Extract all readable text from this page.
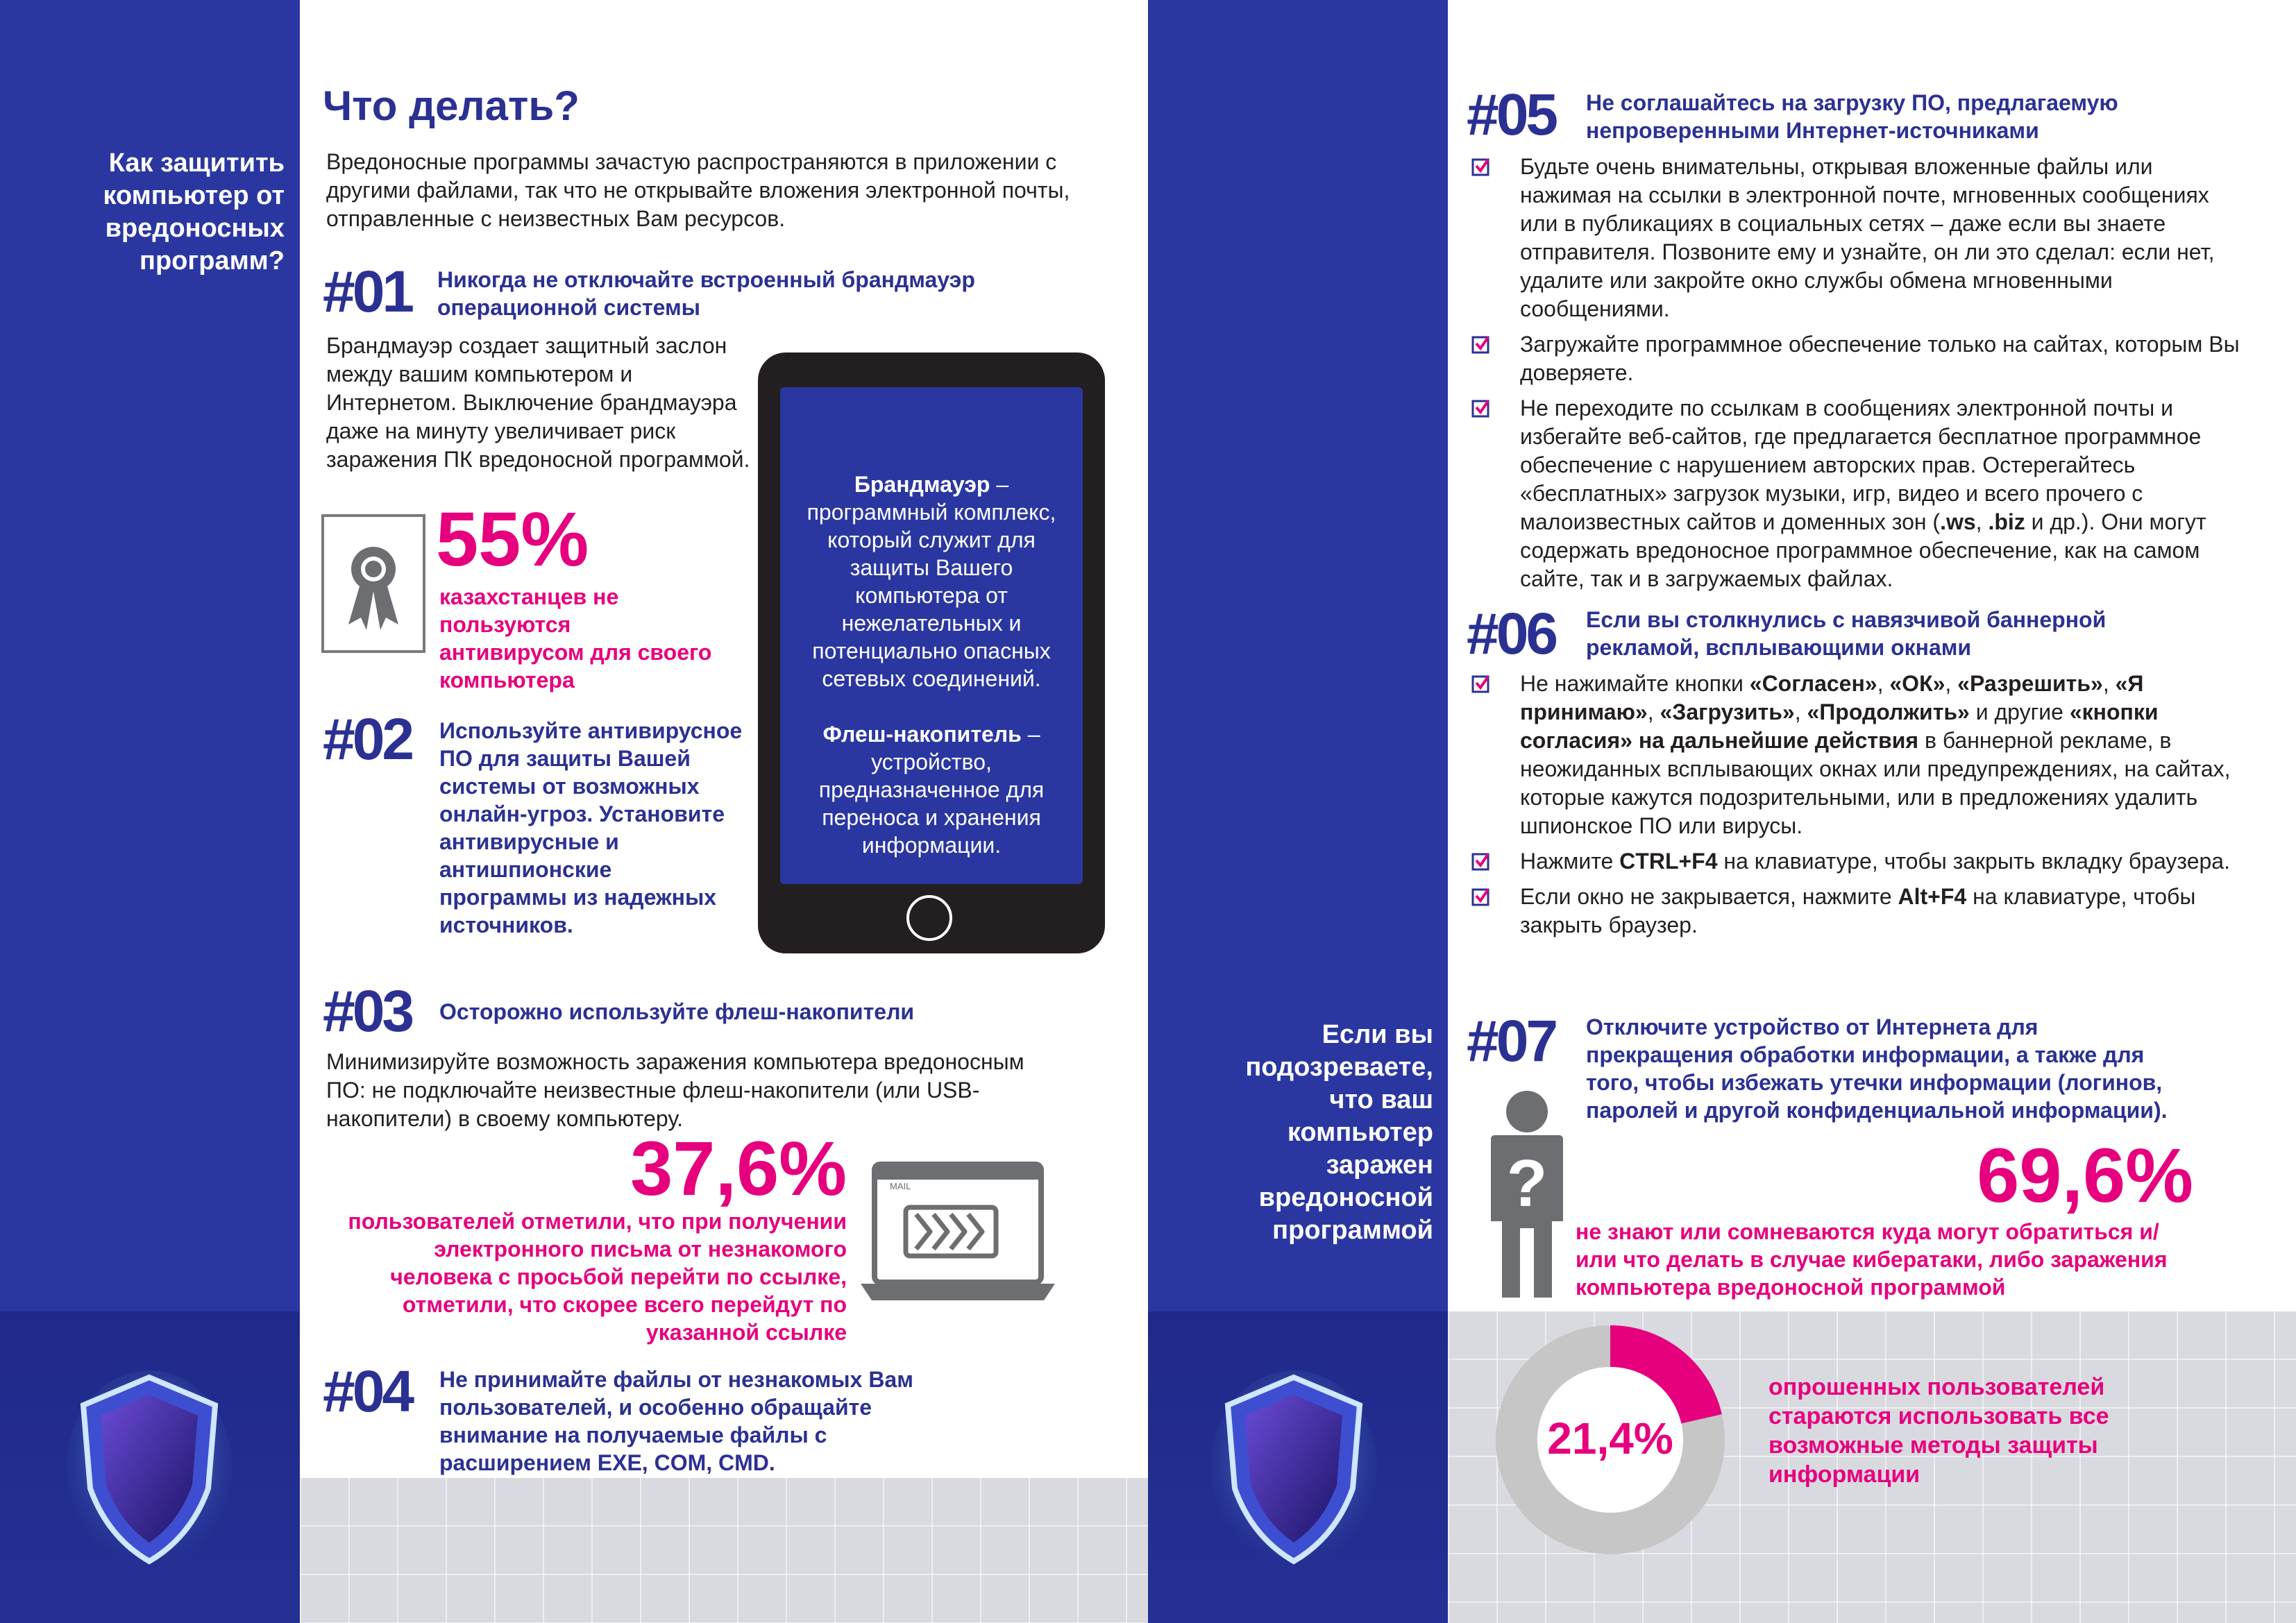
Как защитить компьютер от вредоносных программ?
Что делать?
Вредоносные программы зачастую распространяются в приложении с другими файлами, так что не открывайте вложения электронной почты, отправленные с неизвестных Вам ресурсов.
#01 Никогда не отключайте встроенный брандмауэр операционной системы
Брандмауэр создает защитный заслон между вашим компьютером и Интернетом. Выключение брандмауэра даже на минуту увеличивает риск заражения ПК вредоносной программой.
55%
казахстанцев не пользуются антивирусом для своего компьютера
Брандмауэр – программный комплекс, который служит для защиты Вашего компьютера от нежелательных и потенциально опасных сетевых соединений.
Флеш-накопитель – устройство, предназначенное для переноса и хранения информации.
#02 Используйте антивирусное ПО для защиты Вашей системы от возможных онлайн-угроз. Установите антивирусные и антишпионские программы из надежных источников.
#03 Осторожно используйте флеш-накопители
Минимизируйте возможность заражения компьютера вредоносным ПО: не подключайте неизвестные флеш-накопители (или USB-накопители) в своему компьютеру.
37,6%
пользователей отметили, что при получении электронного письма от незнакомого человека с просьбой перейти по ссылке, отметили, что скорее всего перейдут по указанной ссылке
MAIL
#04 Не принимайте файлы от незнакомых Вам пользователей, и особенно обращайте внимание на получаемые файлы с расширением EXE, COM, CMD.
Если вы подозреваете, что ваш компьютер заражен вредоносной программой
#05 Не соглашайтесь на загрузку ПО, предлагаемую непроверенными Интернет-источниками
Будьте очень внимательны, открывая вложенные файлы или нажимая на ссылки в электронной почте, мгновенных сообщениях или в публикациях в социальных сетях – даже если вы знаете отправителя. Позвоните ему и узнайте, он ли это сделал: если нет, удалите или закройте окно службы обмена мгновенными сообщениями.
Загружайте программное обеспечение только на сайтах, которым Вы доверяете.
Не переходите по ссылкам в сообщениях электронной почты и избегайте веб-сайтов, где предлагается бесплатное программное обеспечение с нарушением авторских прав. Остерегайтесь «бесплатных» загрузок музыки, игр, видео и всего прочего с малоизвестных сайтов и доменных зон (.ws, .biz и др.). Они могут содержать вредоносное программное обеспечение, как на самом сайте, так и в загружаемых файлах.
#06 Если вы столкнулись с навязчивой баннерной рекламой, всплывающими окнами
Не нажимайте кнопки «Согласен», «ОК», «Разрешить», «Я принимаю», «Загрузить», «Продолжить» и другие «кнопки согласия» на дальнейшие действия в баннерной рекламе, в неожиданных всплывающих окнах или предупреждениях, на сайтах, которые кажутся подозрительными, или в предложениях удалить шпионское ПО или вирусы.
Нажмите CTRL+F4 на клавиатуре, чтобы закрыть вкладку браузера.
Если окно не закрывается, нажмите Alt+F4 на клавиатуре, чтобы закрыть браузер.
#07 Отключите устройство от Интернета для прекращения обработки информации, а также для того, чтобы избежать утечки информации (логинов, паролей и другой конфиденциальной информации).
?	69,6%
не знают или сомневаются куда могут обратиться и/или что делать в случае кибератаки, либо заражения компьютера вредоносной программой
21,4%
опрошенных пользователей стараются использовать все возможные методы защиты информации
